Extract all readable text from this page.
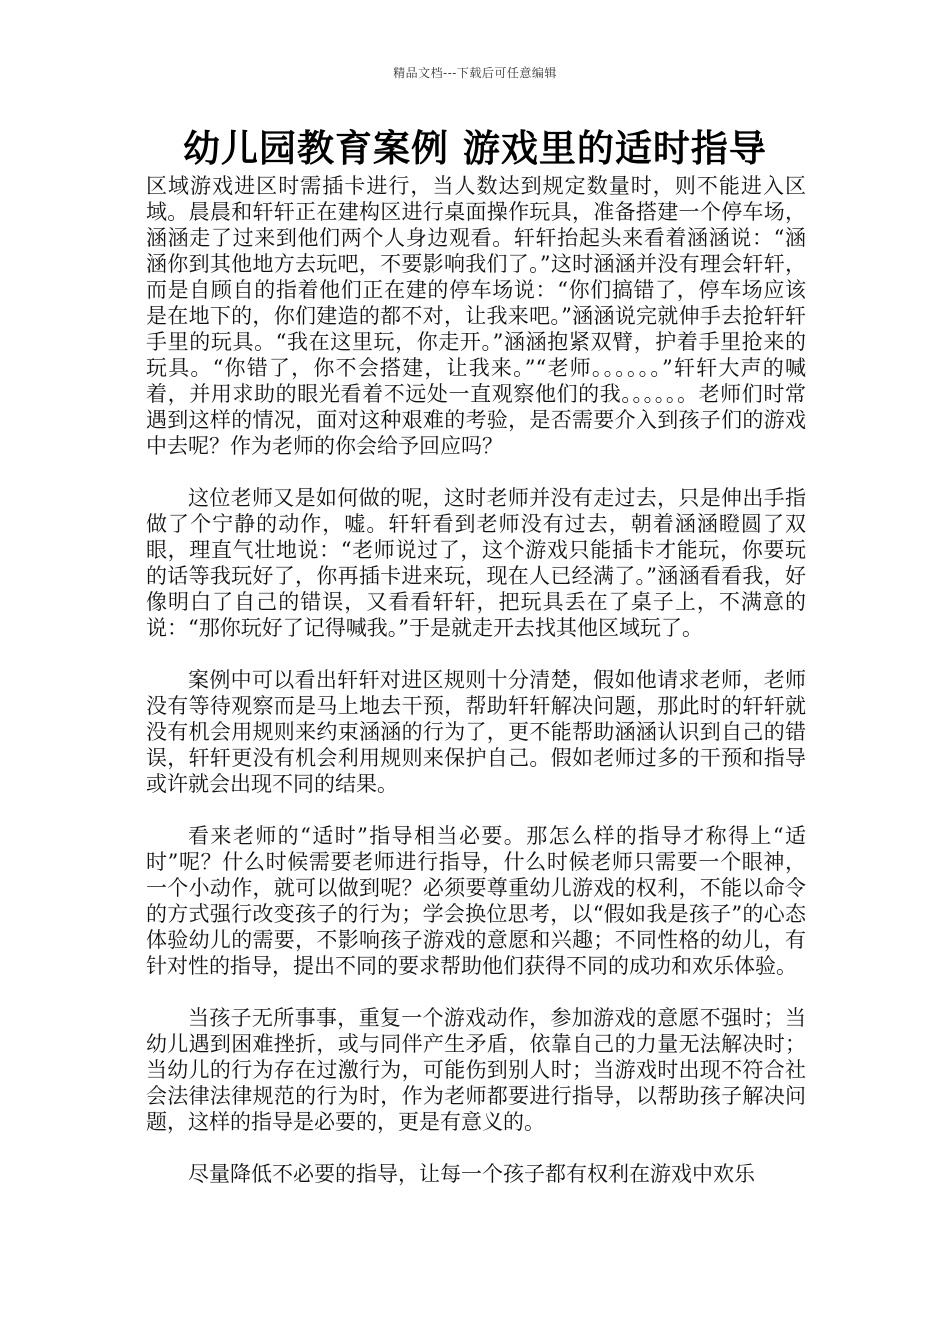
精品文档---下载后可任意编辑
幼儿园教育案例 游戏里的适时指导

区域游戏进区时需插卡进行，当人数达到规定数量时，则不能进入区域。晨晨和轩轩正在建构区进行桌面操作玩具，准备搭建一个停车场，涵涵走了过来到他们两个人身边观看。轩轩抬起头来看着涵涵说：“涵涵你到其他地方去玩吧，不要影响我们了。”这时涵涵并没有理会轩轩，而是自顾自的指着他们正在建的停车场说：“你们搞错了，停车场应该是在地下的，你们建造的都不对，让我来吧。”涵涵说完就伸手去抢轩轩手里的玩具。“我在这里玩，你走开。”涵涵抱紧双臂，护着手里抢来的玩具。“你错了，你不会搭建，让我来。”“老师。。。。。。”轩轩大声的喊着，并用求助的眼光看着不远处一直观察他们的我。。。。。。老师们时常遇到这样的情况，面对这种艰难的考验，是否需要介入到孩子们的游戏中去呢？作为老师的你会给予回应吗？

这位老师又是如何做的呢，这时老师并没有走过去，只是伸出手指做了个宁静的动作，嘘。轩轩看到老师没有过去，朝着涵涵瞪圆了双眼，理直气壮地说：“老师说过了，这个游戏只能插卡才能玩，你要玩的话等我玩好了，你再插卡进来玩，现在人已经满了。”涵涵看看我，好像明白了自己的错误，又看看轩轩，把玩具丢在了桌子上，不满意的说：“那你玩好了记得喊我。”于是就走开去找其他区域玩了。

案例中可以看出轩轩对进区规则十分清楚，假如他请求老师，老师没有等待观察而是马上地去干预，帮助轩轩解决问题，那此时的轩轩就没有机会用规则来约束涵涵的行为了，更不能帮助涵涵认识到自己的错误，轩轩更没有机会利用规则来保护自己。假如老师过多的干预和指导或许就会出现不同的结果。

看来老师的“适时”指导相当必要。那怎么样的指导才称得上“适时”呢？什么时候需要老师进行指导，什么时候老师只需要一个眼神，一个小动作，就可以做到呢？必须要尊重幼儿游戏的权利，不能以命令的方式强行改变孩子的行为；学会换位思考，以“假如我是孩子”的心态体验幼儿的需要，不影响孩子游戏的意愿和兴趣；不同性格的幼儿，有针对性的指导，提出不同的要求帮助他们获得不同的成功和欢乐体验。

当孩子无所事事，重复一个游戏动作，参加游戏的意愿不强时；当幼儿遇到困难挫折，或与同伴产生矛盾，依靠自己的力量无法解决时；当幼儿的行为存在过激行为，可能伤到别人时；当游戏时出现不符合社会法律法律规范的行为时，作为老师都要进行指导，以帮助孩子解决问题，这样的指导是必要的，更是有意义的。

尽量降低不必要的指导，让每一个孩子都有权利在游戏中欢乐
